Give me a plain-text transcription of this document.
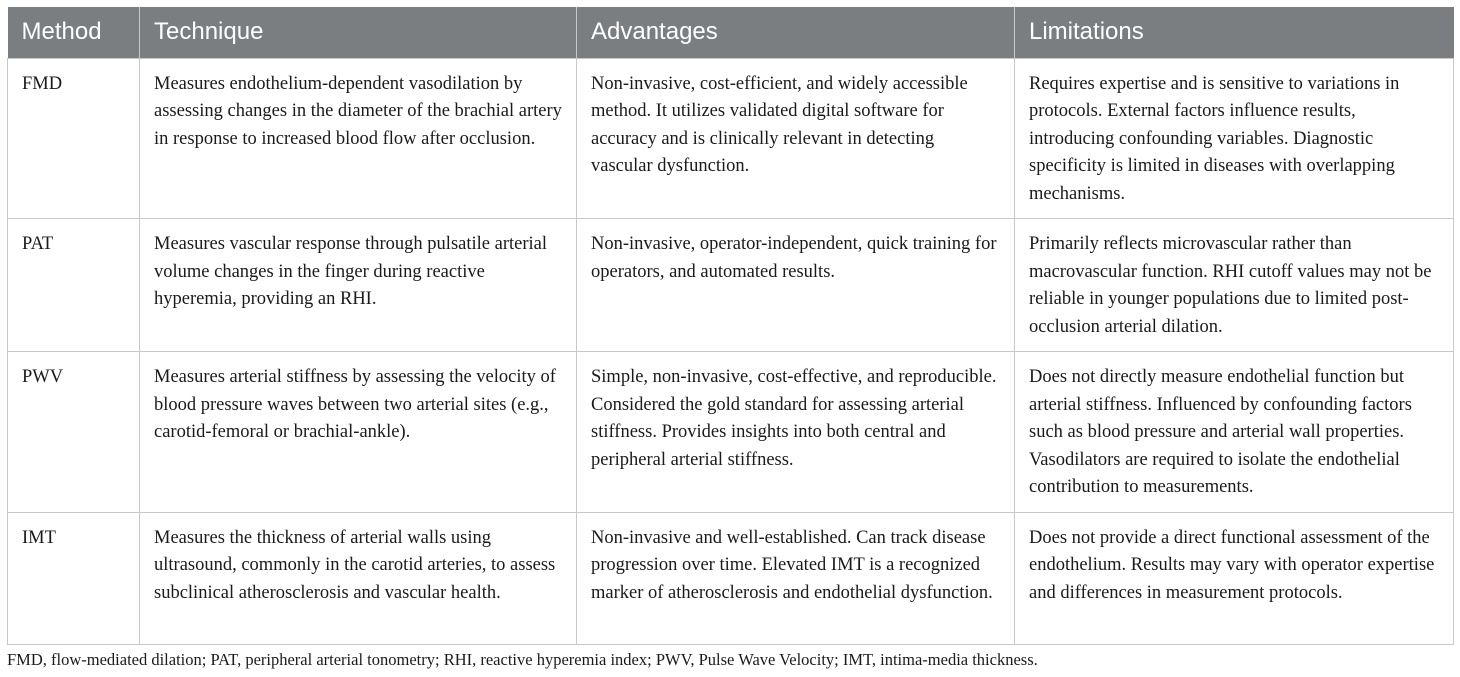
Method	Technique	Advantages	Limitations
FMD	Measures endothelium-dependent vasodilation by assessing changes in the diameter of the brachial artery in response to increased blood flow after occlusion.	Non-invasive, cost-efficient, and widely accessible method. It utilizes validated digital software for accuracy and is clinically relevant in detecting vascular dysfunction.	Requires expertise and is sensitive to variations in protocols. External factors influence results, introducing confounding variables. Diagnostic specificity is limited in diseases with overlapping mechanisms.
PAT	Measures vascular response through pulsatile arterial volume changes in the finger during reactive hyperemia, providing an RHI.	Non-invasive, operator-independent, quick training for operators, and automated results.	Primarily reflects microvascular rather than macrovascular function. RHI cutoff values may not be reliable in younger populations due to limited post-occlusion arterial dilation.
PWV	Measures arterial stiffness by assessing the velocity of blood pressure waves between two arterial sites (e.g., carotid-femoral or brachial-ankle).	Simple, non-invasive, cost-effective, and reproducible. Considered the gold standard for assessing arterial stiffness. Provides insights into both central and peripheral arterial stiffness.	Does not directly measure endothelial function but arterial stiffness. Influenced by confounding factors such as blood pressure and arterial wall properties. Vasodilators are required to isolate the endothelial contribution to measurements.
IMT	Measures the thickness of arterial walls using ultrasound, commonly in the carotid arteries, to assess subclinical atherosclerosis and vascular health.	Non-invasive and well-established. Can track disease progression over time. Elevated IMT is a recognized marker of atherosclerosis and endothelial dysfunction.	Does not provide a direct functional assessment of the endothelium. Results may vary with operator expertise and differences in measurement protocols.
FMD, flow-mediated dilation; PAT, peripheral arterial tonometry; RHI, reactive hyperemia index; PWV, Pulse Wave Velocity; IMT, intima-media thickness.
